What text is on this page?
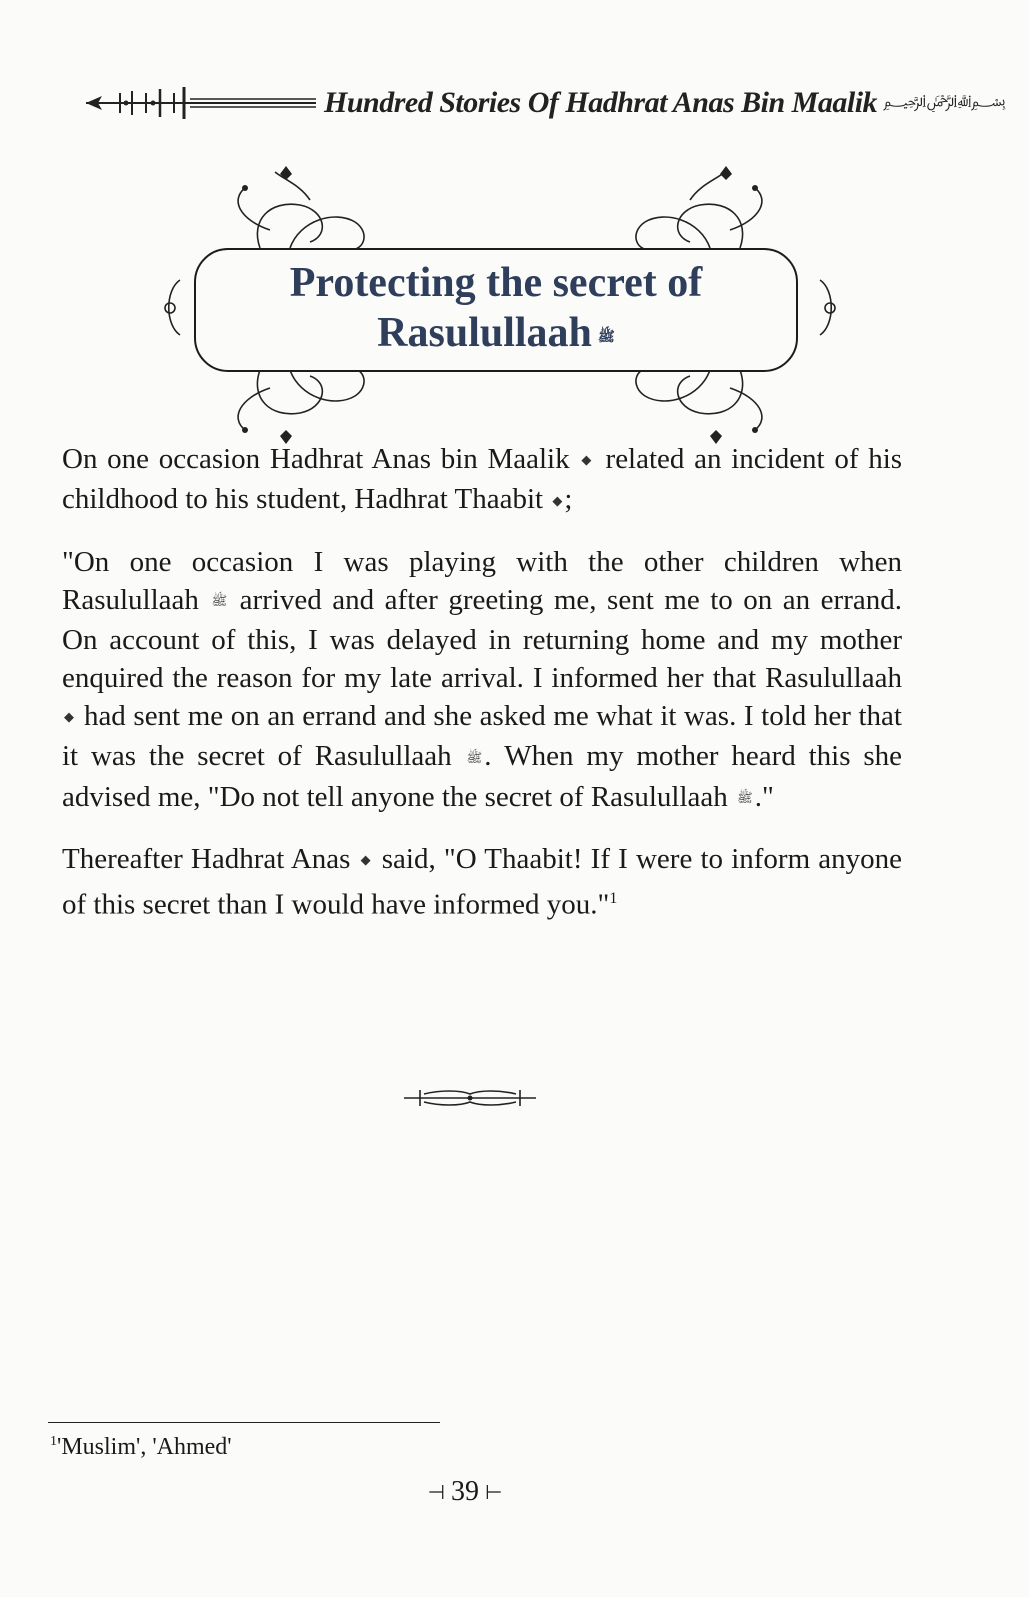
Hundred Stories Of Hadhrat Anas Bin Maalik ﷽
Protecting the secret of
Rasulullaah ﷺ

On one occasion Hadhrat Anas bin Maalik ◆ related an incident of his childhood to his student, Hadhrat Thaabit ◆;

"On one occasion I was playing with the other children when Rasulullaah ﷺ arrived and after greeting me, sent me to on an errand. On account of this, I was delayed in returning home and my mother enquired the reason for my late arrival. I informed her that Rasulullaah ◆ had sent me on an errand and she asked me what it was. I told her that it was the secret of Rasulullaah ﷺ. When my mother heard this she advised me, "Do not tell anyone the secret of Rasulullaah ﷺ."

Thereafter Hadhrat Anas ◆ said, "O Thaabit! If I were to inform anyone of this secret than I would have informed you."$^1$

$^1$'Muslim', 'Ahmed'
⊣ 39 ⊢
